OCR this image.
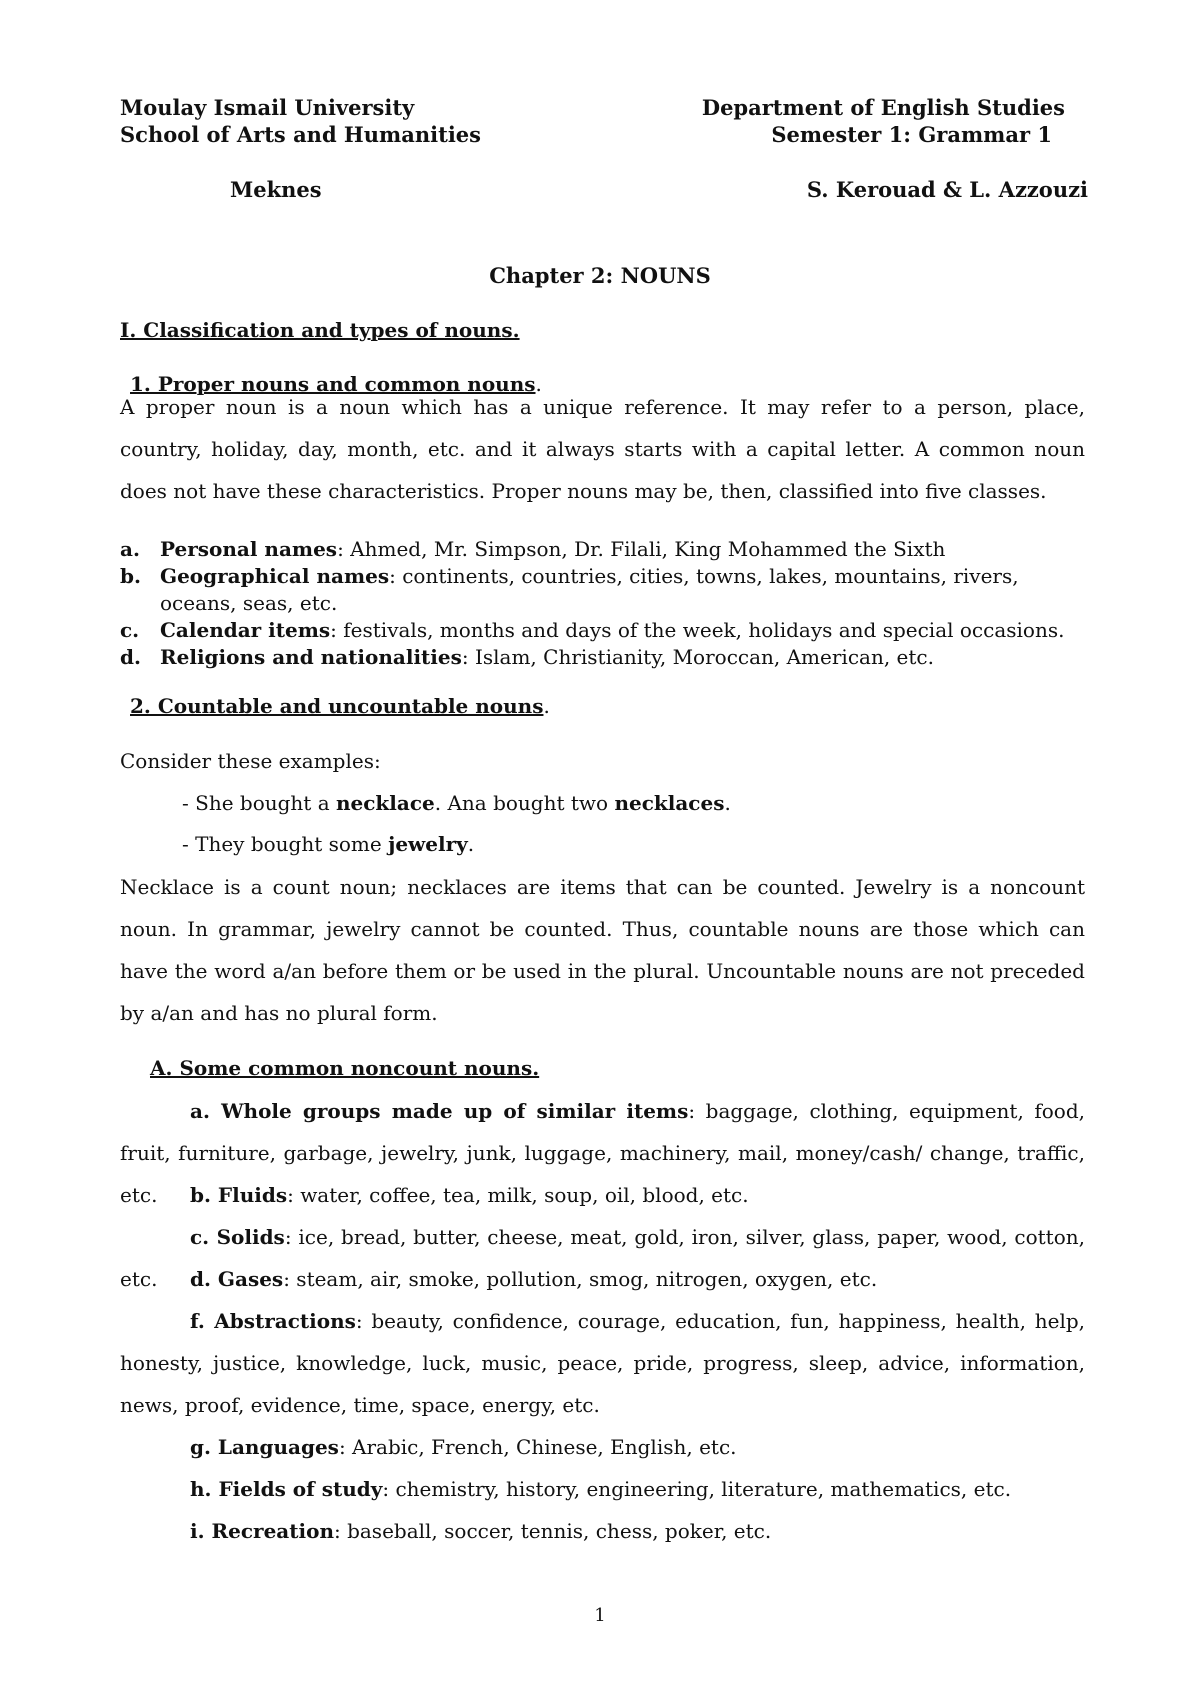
Moulay Ismail University
School of Arts and Humanities
Meknes
Department of English Studies
Semester 1: Grammar 1
S. Kerouad & L. Azzouzi
Chapter 2: NOUNS
I. Classification and types of nouns.
1. Proper nouns and common nouns.
A proper noun is a noun which has a unique reference. It may refer to a person, place, country, holiday, day, month, etc. and it always starts with a capital letter. A common noun does not have these characteristics. Proper nouns may be, then, classified into five classes.
a.	Personal names: Ahmed, Mr. Simpson, Dr. Filali, King Mohammed the Sixth
b. Geographical names: continents, countries, cities, towns, lakes, mountains, rivers, oceans, seas, etc.
c.	Calendar items: festivals, months and days of the week, holidays and special occasions.
d. Religions and nationalities: Islam, Christianity, Moroccan, American, etc.
2. Countable and uncountable nouns.
Consider these examples:
- She bought a necklace. Ana bought two necklaces.
- They bought some jewelry.
Necklace is a count noun; necklaces are items that can be counted. Jewelry is a noncount noun. In grammar, jewelry cannot be counted. Thus, countable nouns are those which can have the word a/an before them or be used in the plural. Uncountable nouns are not preceded by a/an and has no plural form.
A. Some common noncount nouns.
a. Whole groups made up of similar items: baggage, clothing, equipment, food, fruit, furniture, garbage, jewelry, junk, luggage, machinery, mail, money/cash/ change, traffic, etc.	b. Fluids: water, coffee, tea, milk, soup, oil, blood, etc.
c. Solids: ice, bread, butter, cheese, meat, gold, iron, silver, glass, paper, wood, cotton, etc.	d. Gases: steam, air, smoke, pollution, smog, nitrogen, oxygen, etc.
f. Abstractions: beauty, confidence, courage, education, fun, happiness, health, help, honesty, justice, knowledge, luck, music, peace, pride, progress, sleep, advice, information, news, proof, evidence, time, space, energy, etc.
g. Languages: Arabic, French, Chinese, English, etc.
h. Fields of study: chemistry, history, engineering, literature, mathematics, etc.
i. Recreation: baseball, soccer, tennis, chess, poker, etc.
1
